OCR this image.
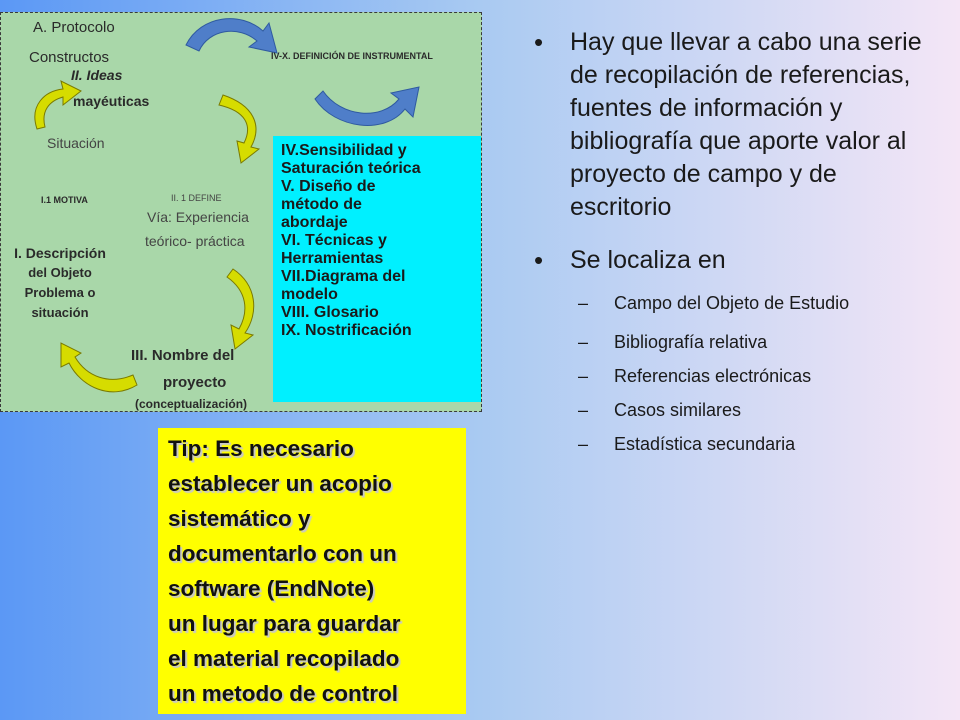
A. Protocolo
Constructos	IV-X. DEFINICIÓN DE INSTRUMENTAL
II. Ideas
mayéuticas
Situación
I.1 MOTIVA	II. 1 DEFINE
Vía: Experiencia
teórico- práctica
I. Descripción
del Objeto
Problema o
situación
III. Nombre del
proyecto
(conceptualización)
IV.Sensibilidad y
Saturación teórica
V. Diseño de
método de
abordaje
VI. Técnicas y
Herramientas
VII.Diagrama del
modelo
VIII. Glosario
IX. Nostrificación
Tip: Es necesario
establecer un acopio
sistemático y
documentarlo con un
software (EndNote)
un lugar para guardar
el material recopilado
un metodo de control
• Hay que llevar a cabo una serie de recopilación de referencias, fuentes de información y bibliografía que aporte valor al proyecto de campo y de escritorio
• Se localiza en
– Campo del Objeto de Estudio
– Bibliografía relativa
– Referencias electrónicas
– Casos similares
– Estadística secundaria
